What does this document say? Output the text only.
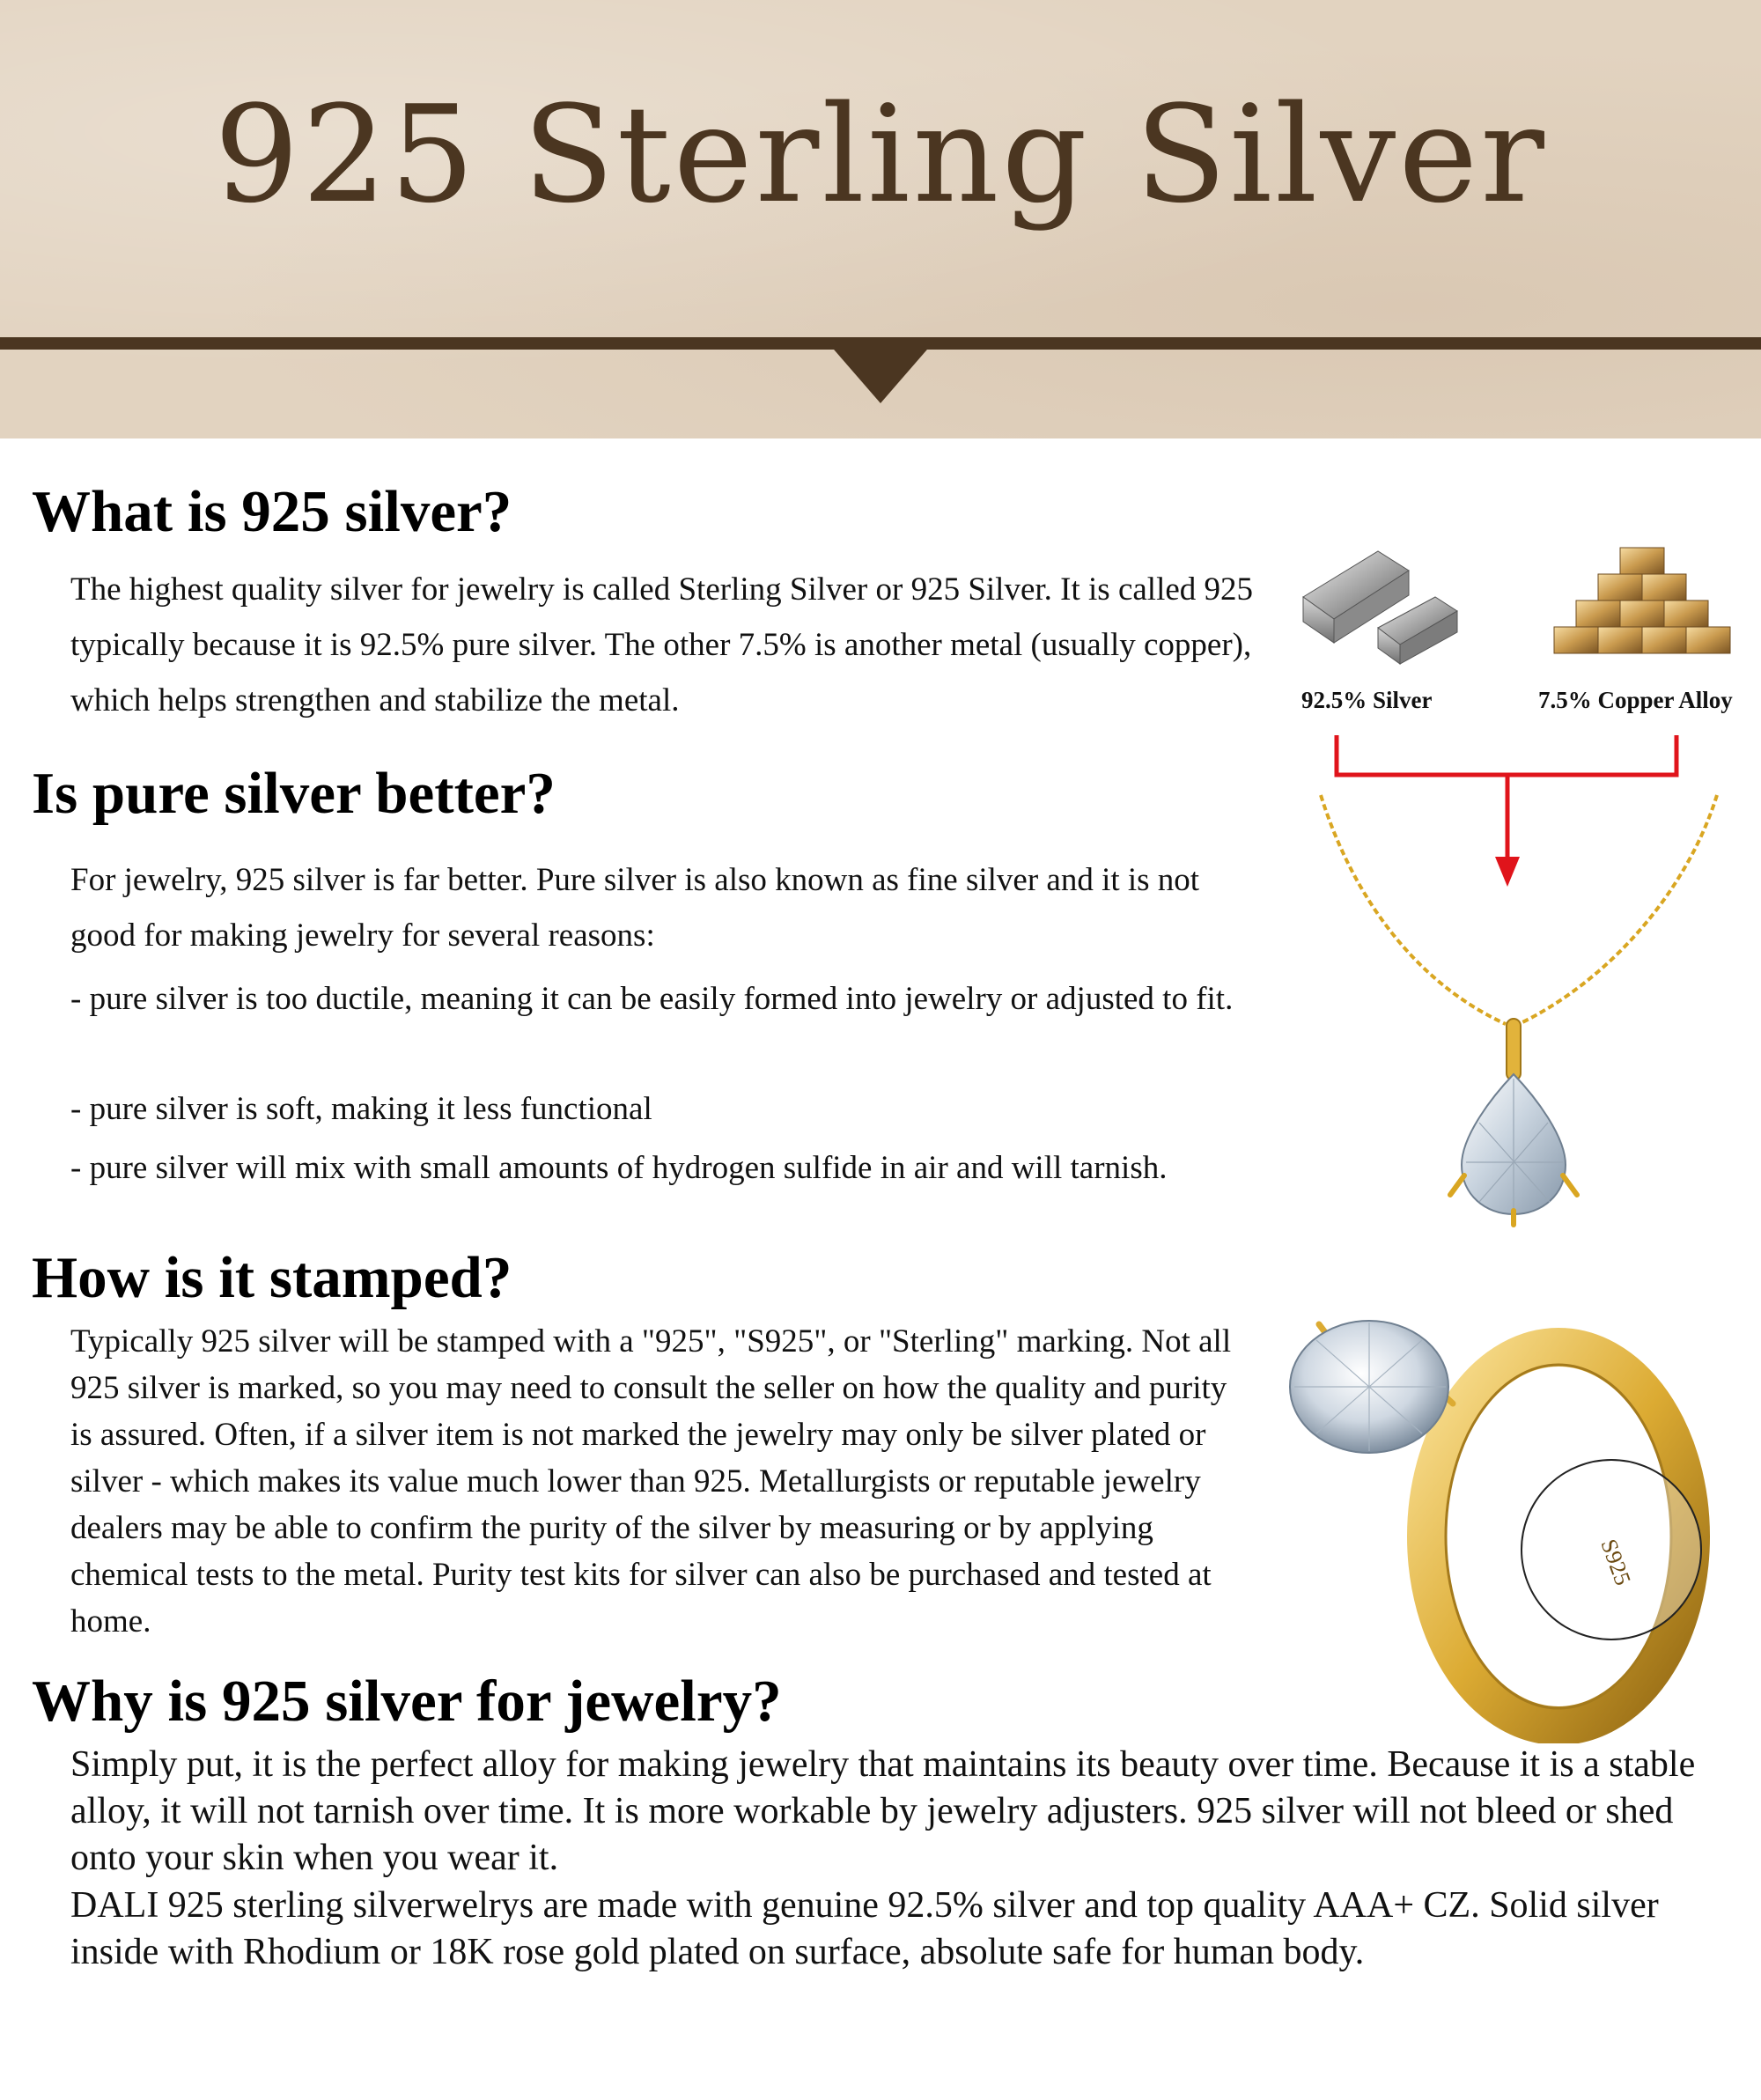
925 Sterling Silver
What is 925 silver?

The highest quality silver for jewelry is called Sterling Silver or 925 Silver. It is called 925 typically because it is 92.5% pure silver. The other 7.5% is another metal (usually copper), which helps strengthen and stabilize the metal.

Is pure silver better?

For jewelry, 925 silver is far better. Pure silver is also known as fine silver and it is not good for making jewelry for several reasons:

- pure silver is too ductile, meaning it can be easily formed into jewelry or adjusted to fit.

- pure silver is soft, making it less functional

- pure silver will mix with small amounts of hydrogen sulfide in air and will tarnish.

How is it stamped?

Typically 925 silver will be stamped with a "925", "S925", or "Sterling" marking. Not all 925 silver is marked, so you may need to consult the seller on how the quality and purity is assured. Often, if a silver item is not marked the jewelry may only be silver plated or silver - which makes its value much lower than 925. Metallurgists or reputable jewelry dealers may be able to confirm the purity of the silver by measuring or by applying chemical tests to the metal. Purity test kits for silver can also be purchased and tested at home.

Why is 925 silver for jewelry?

Simply put, it is the perfect alloy for making jewelry that maintains its beauty over time. Because it is a stable alloy, it will not tarnish over time. It is more workable by jewelry adjusters. 925 silver will not bleed or shed onto your skin when you wear it.

DALI 925 sterling silverwelrys are made with genuine 92.5% silver and top quality AAA+ CZ. Solid silver inside with Rhodium or 18K rose gold plated on surface, absolute safe for human body.

92.5% Silver	7.5% Copper Alloy
S925
